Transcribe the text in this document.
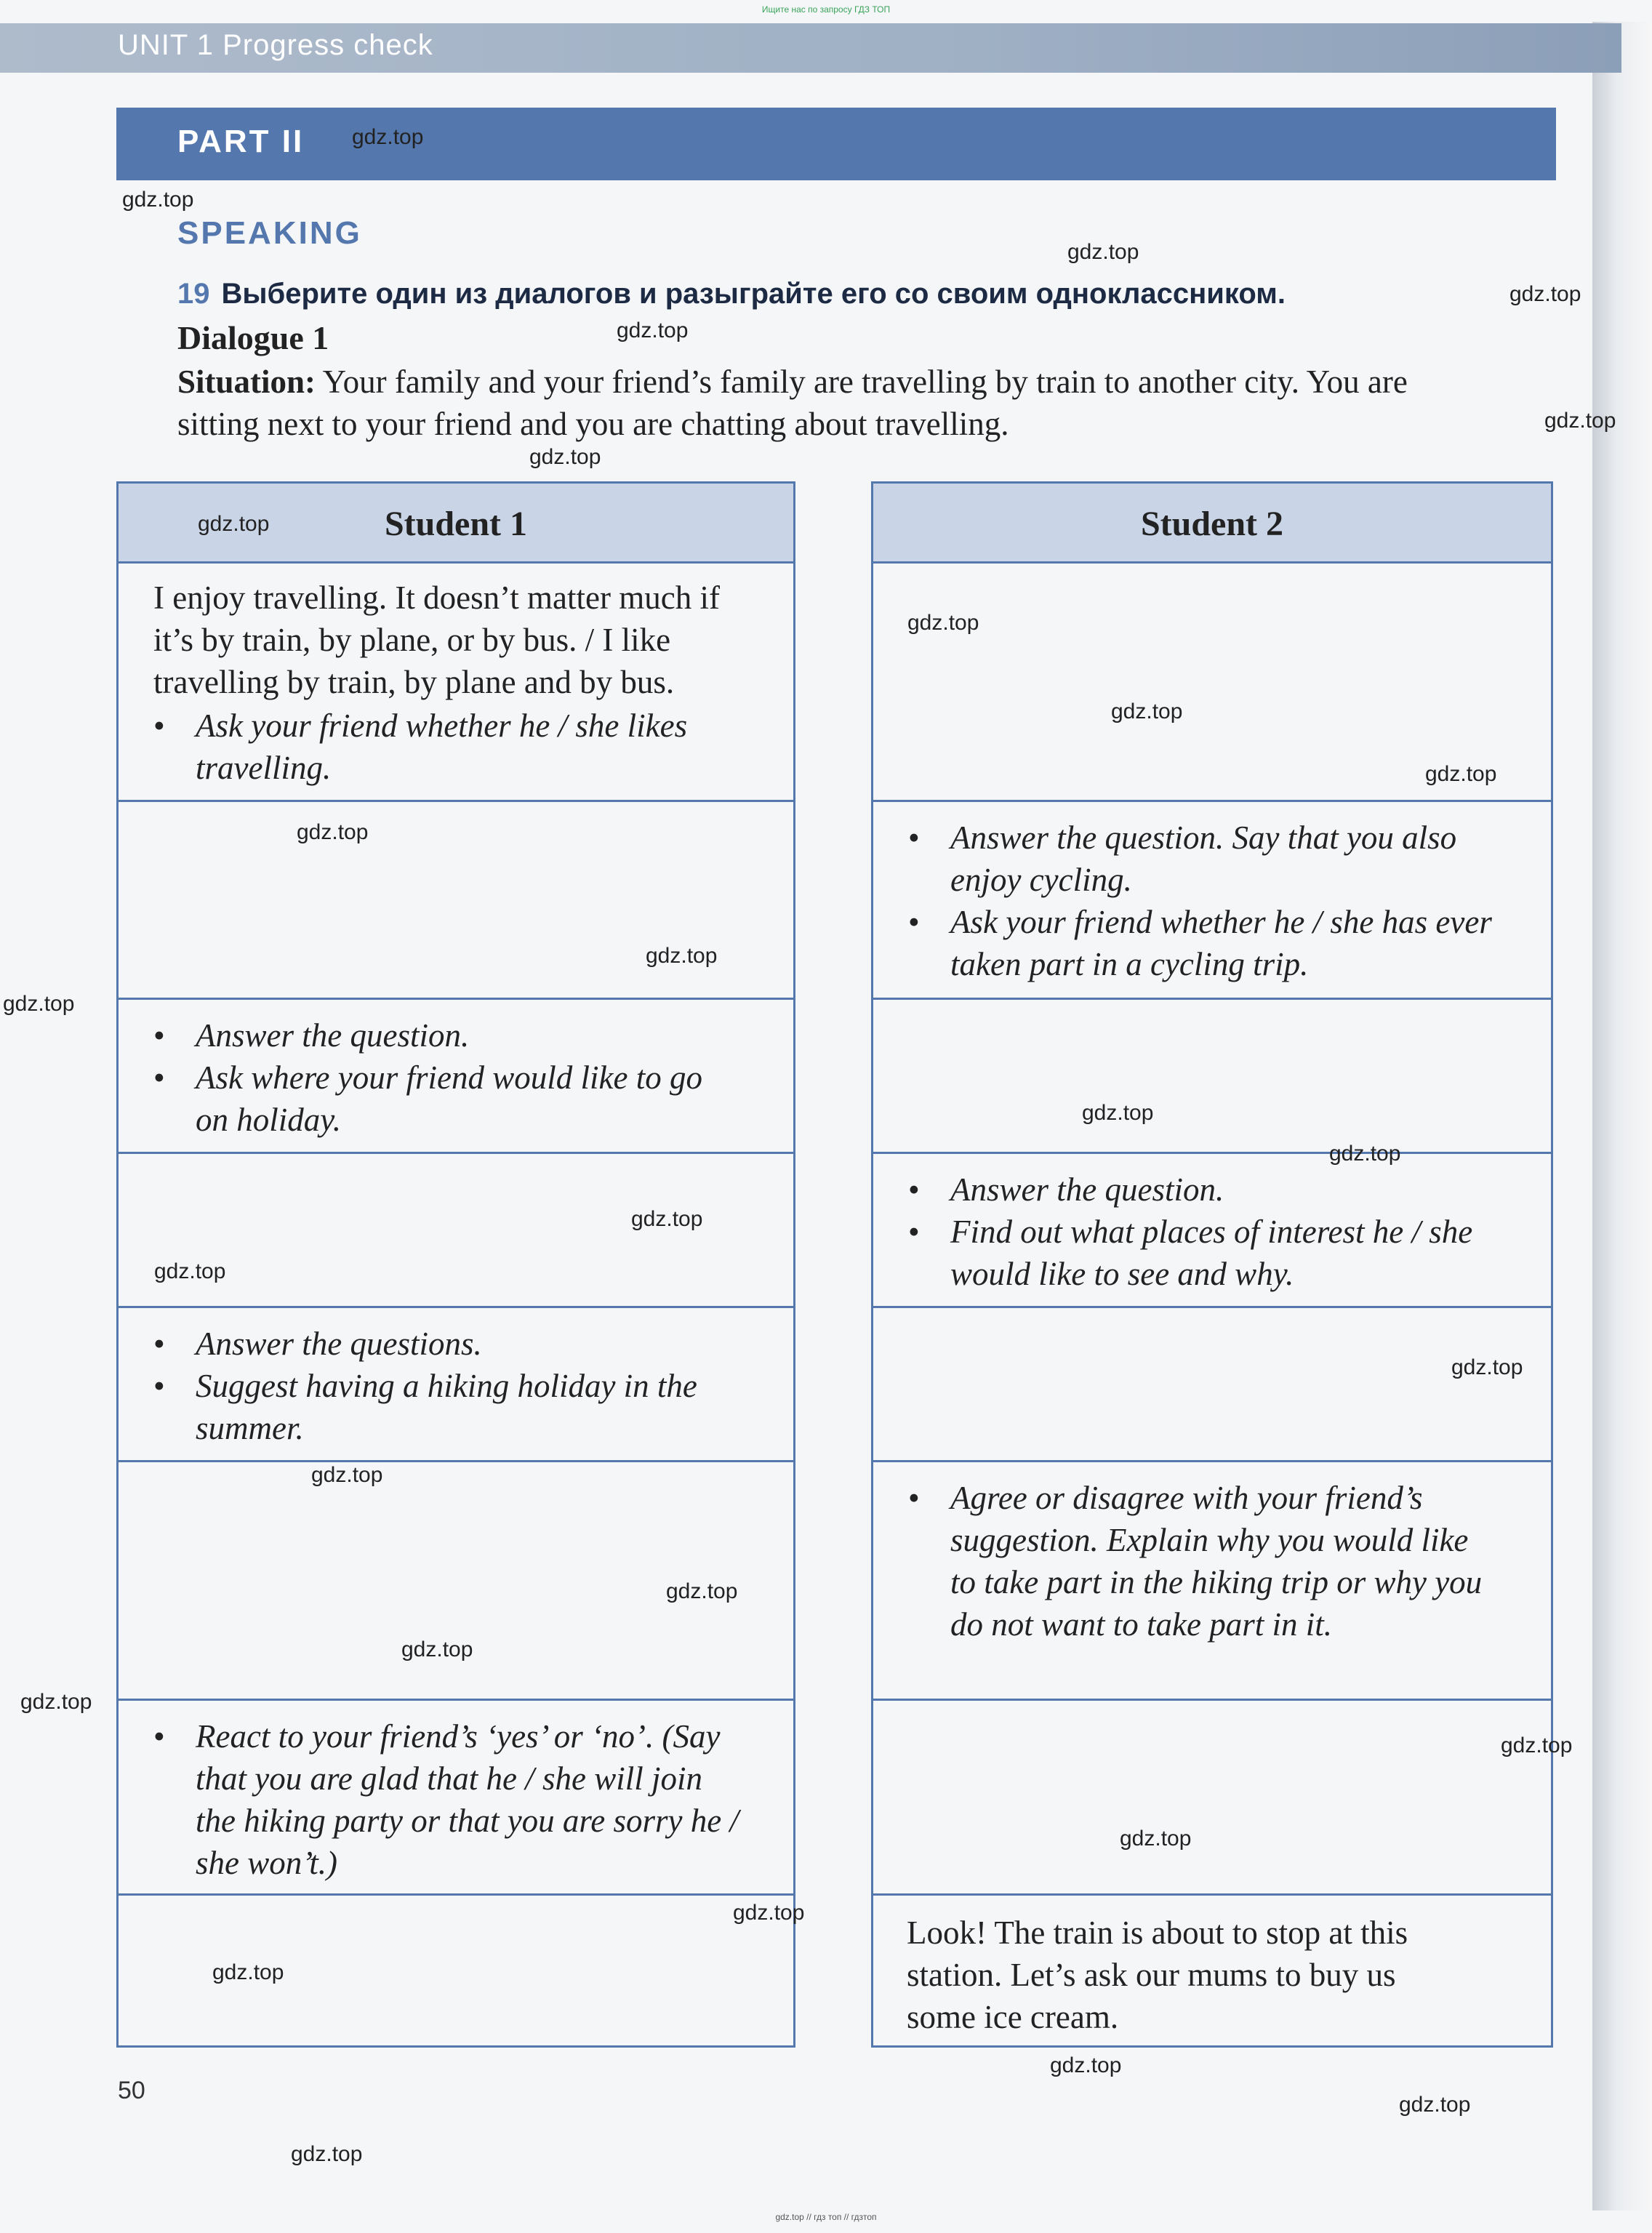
Ищите нас по запросу ГДЗ ТОП
UNIT 1 Progress check
PART II
SPEAKING
19 Выберите один из диалогов и разыграйте его со своим одноклассником.
Dialogue 1
Situation: Your family and your friend’s family are travelling by train to another city. You are sitting next to your friend and you are chatting about travelling.
Student 1
I enjoy travelling. It doesn’t matter much if it’s by train, by plane, or by bus. / I like travelling by train, by plane and by bus.
• Ask your friend whether he / she likes travelling.
• Answer the question.
• Ask where your friend would like to go on holiday.
• Answer the questions.
• Suggest having a hiking holiday in the summer.
• React to your friend’s ‘yes’ or ‘no’. (Say that you are glad that he / she will join the hiking party or that you are sorry he / she won’t.)
Student 2
• Answer the question. Say that you also enjoy cycling.
• Ask your friend whether he / she has ever taken part in a cycling trip.
• Answer the question.
• Find out what places of interest he / she would like to see and why.
• Agree or disagree with your friend’s suggestion. Explain why you would like to take part in the hiking trip or why you do not want to take part in it.
Look! The train is about to stop at this station. Let’s ask our mums to buy us some ice cream.
50
gdz.top
gdz.top
gdz.top
gdz.top
gdz.top
gdz.top
gdz.top
gdz.top
gdz.top
gdz.top
gdz.top
gdz.top
gdz.top
gdz.top
gdz.top
gdz.top
gdz.top
gdz.top
gdz.top
gdz.top
gdz.top
gdz.top
gdz.top
gdz.top
gdz.top
gdz.top
gdz.top
gdz.top
gdz.top
gdz.top
gdz.top // гдз топ // гдзтоп
